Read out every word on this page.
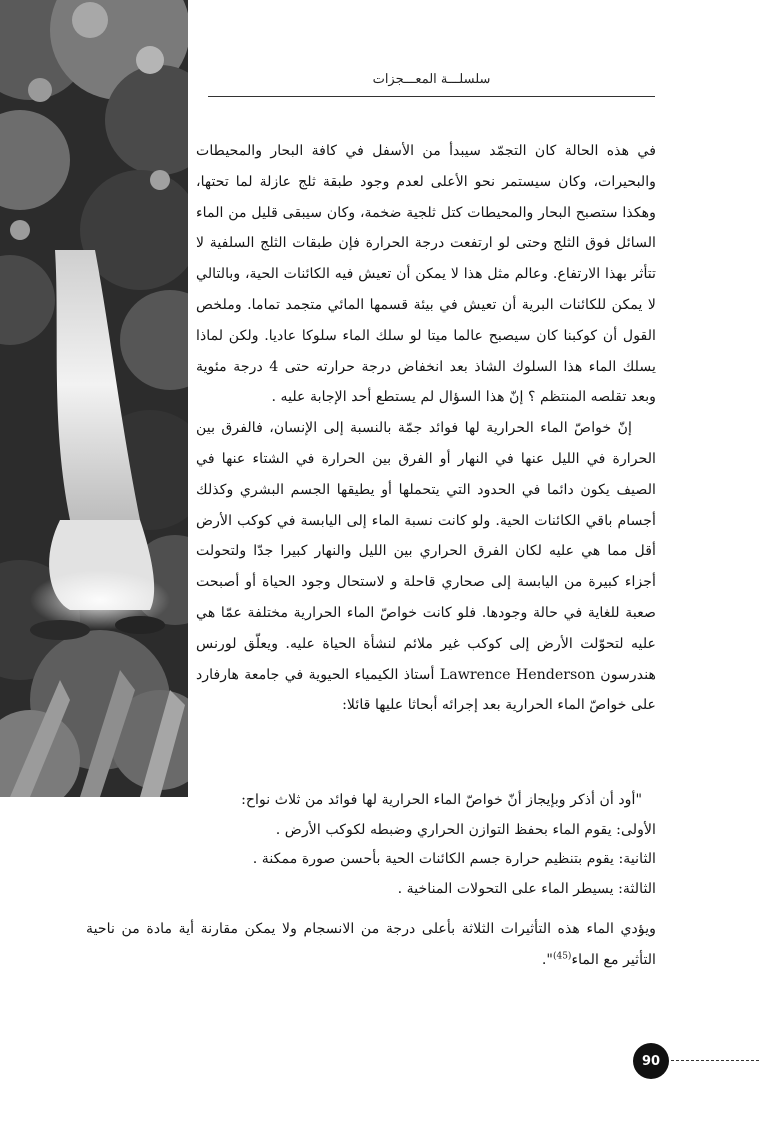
سلسلـــة المعـــجزات

في هذه الحالة كان التجمّد سيبدأ من الأسفل في كافة البحار والمحيطات والبحيرات، وكان سيستمر نحو الأعلى لعدم وجود طبقة ثلج عازلة لما تحتها، وهكذا ستصبح البحار والمحيطات كتل ثلجية ضخمة، وكان سيبقى قليل من الماء السائل فوق الثلج وحتى لو ارتفعت درجة الحرارة فإن طبقات الثلج السلفية لا تتأثر بهذا الارتفاع. وعالم مثل هذا لا يمكن أن تعيش فيه الكائنات الحية، وبالتالي لا يمكن للكائنات البرية أن تعيش في بيئة قسمها المائي متجمد تماما. وملخص القول أن كوكبنا كان سيصبح عالما ميتا لو سلك الماء سلوكا عاديا. ولكن لماذا يسلك الماء هذا السلوك الشاذ بعد انخفاض درجة حرارته حتى 4 درجة مئوية وبعد تقلصه المنتظم ؟ إنّ هذا السؤال لم يستطع أحد الإجابة عليه .

إنّ خواصّ الماء الحرارية لها فوائد جمّة بالنسبة إلى الإنسان، فالفرق بين الحرارة في الليل عنها في النهار أو الفرق بين الحرارة في الشتاء عنها في الصيف يكون دائما في الحدود التي يتحملها أو يطيقها الجسم البشري وكذلك أجسام باقي الكائنات الحية. ولو كانت نسبة الماء إلى اليابسة في كوكب الأرض أقل مما هي عليه لكان الفرق الحراري بين الليل والنهار كبيرا جدّا ولتحولت أجزاء كبيرة من اليابسة إلى صحاري قاحلة و لاستحال وجود الحياة أو أصبحت صعبة للغاية في حالة وجودها. فلو كانت خواصّ الماء الحرارية مختلفة عمّا هي عليه لتحوّلت الأرض إلى كوكب غير ملائم لنشأة الحياة عليه. ويعلّق لورنس هندرسون Lawrence Henderson أستاذ الكيمياء الحيوية في جامعة هارفارد على خواصّ الماء الحرارية بعد إجرائه أبحاثا عليها قائلا:

"أود أن أذكر وبإيجاز أنّ خواصّ الماء الحرارية لها فوائد من ثلاث نواح:
الأولى: يقوم الماء بحفظ التوازن الحراري وضبطه لكوكب الأرض .
الثانية: يقوم بتنظيم حرارة جسم الكائنات الحية بأحسن صورة ممكنة .
الثالثة: يسيطر الماء على التحولات المناخية .
ويؤدي الماء هذه التأثيرات الثلاثة بأعلى درجة من الانسجام ولا يمكن مقارنة أية مادة من ناحية التأثير مع الماء$^{(45)}$".
90
